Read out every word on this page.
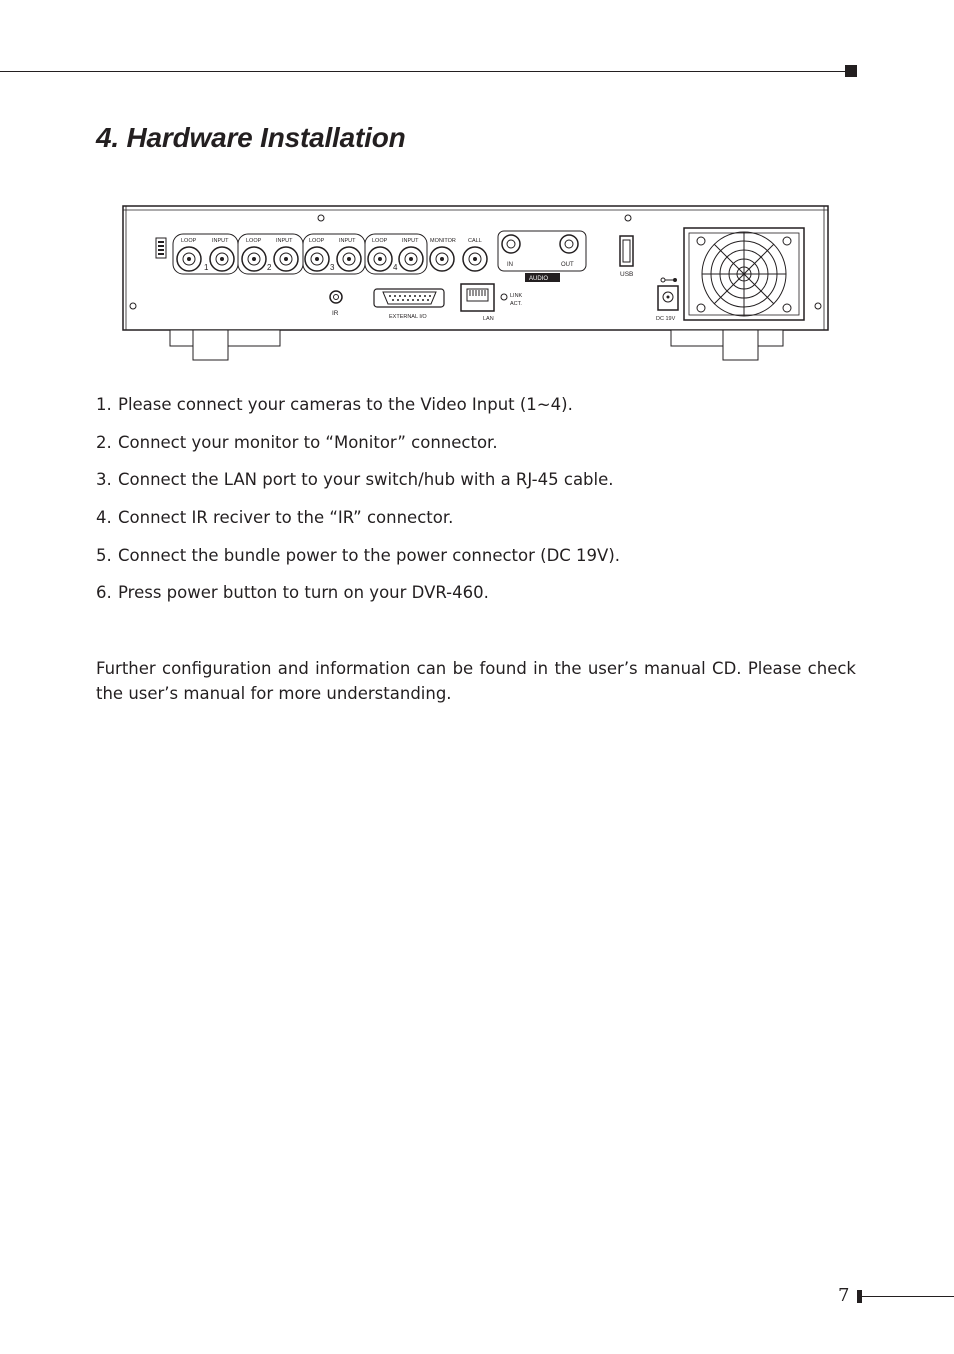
4. Hardware Installation
LOOP	INPUT	LOOP	INPUT	LOOP	INPUT	LOOP	INPUT MONITOR CALL
1	2	3	4	IN	OUT
AUDIO
USB
IR	EXTERNAL I/O
LINK
ACT.
LAN	DC 19V
1. Please connect your cameras to the Video Input (1~4).
2. Connect your monitor to “Monitor” connector.
3. Connect the LAN port to your switch/hub with a RJ-45 cable.
4. Connect IR reciver to the “IR” connector.
5. Connect the bundle power to the power connector (DC 19V).
6. Press power button to turn on your DVR-460.

Further configuration and information can be found in the user’s manual CD. Please check the user’s manual for more understanding.

7
